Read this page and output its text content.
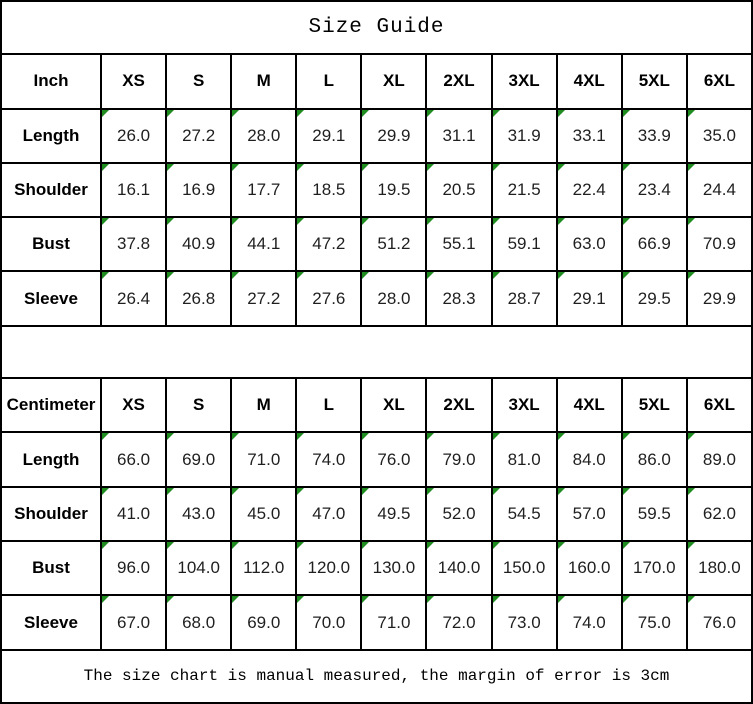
Size Guide										
Inch	XS	S	M	L	XL	2XL	3XL	4XL	5XL	6XL
Length	26.0	27.2	28.0	29.1	29.9	31.1	31.9	33.1	33.9	35.0
Shoulder	16.1	16.9	17.7	18.5	19.5	20.5	21.5	22.4	23.4	24.4
Bust	37.8	40.9	44.1	47.2	51.2	55.1	59.1	63.0	66.9	70.9
Sleeve	26.4	26.8	27.2	27.6	28.0	28.3	28.7	29.1	29.5	29.9

Centimeter	XS	S	M	L	XL	2XL	3XL	4XL	5XL	6XL
Length	66.0	69.0	71.0	74.0	76.0	79.0	81.0	84.0	86.0	89.0
Shoulder	41.0	43.0	45.0	47.0	49.5	52.0	54.5	57.0	59.5	62.0
Bust	96.0	104.0	112.0	120.0	130.0	140.0	150.0	160.0	170.0	180.0
Sleeve	67.0	68.0	69.0	70.0	71.0	72.0	73.0	74.0	75.0	76.0
The size chart is manual measured, the margin of error is 3cm										
